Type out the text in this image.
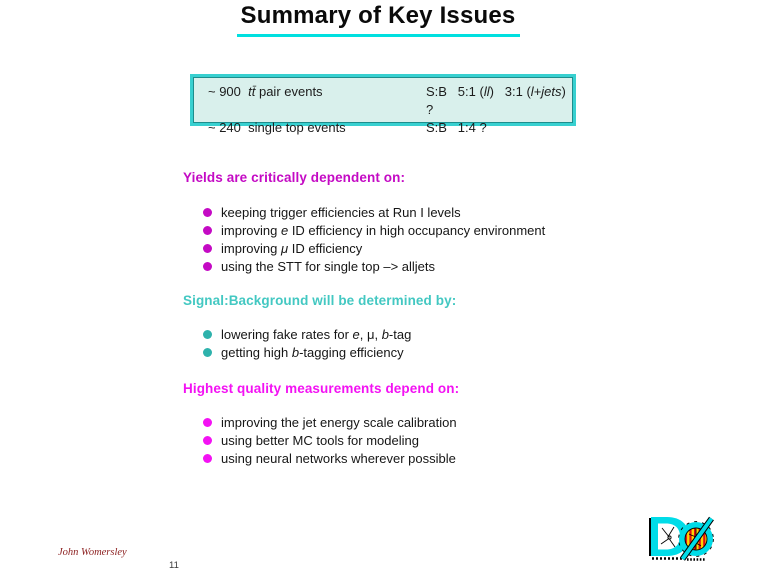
Summary of Key Issues
~ 900  tt̄ pair events	S:B   5:1 (ll)   3:1 (l+jets) ?
~ 240  single top events	S:B   1:4 ?
Yields are critically dependent on:
keeping trigger efficiencies at Run I levels
improving e ID efficiency in high occupancy environment
improving μ ID efficiency
using the STT for single top –> alljets
Signal:Background will be determined by:
lowering fake rates for e, μ, b-tag
getting high b-tagging efficiency
Highest quality measurements depend on:
improving the jet energy scale calibration
using better MC tools for modeling
using neural networks wherever possible
John Womersley
11
